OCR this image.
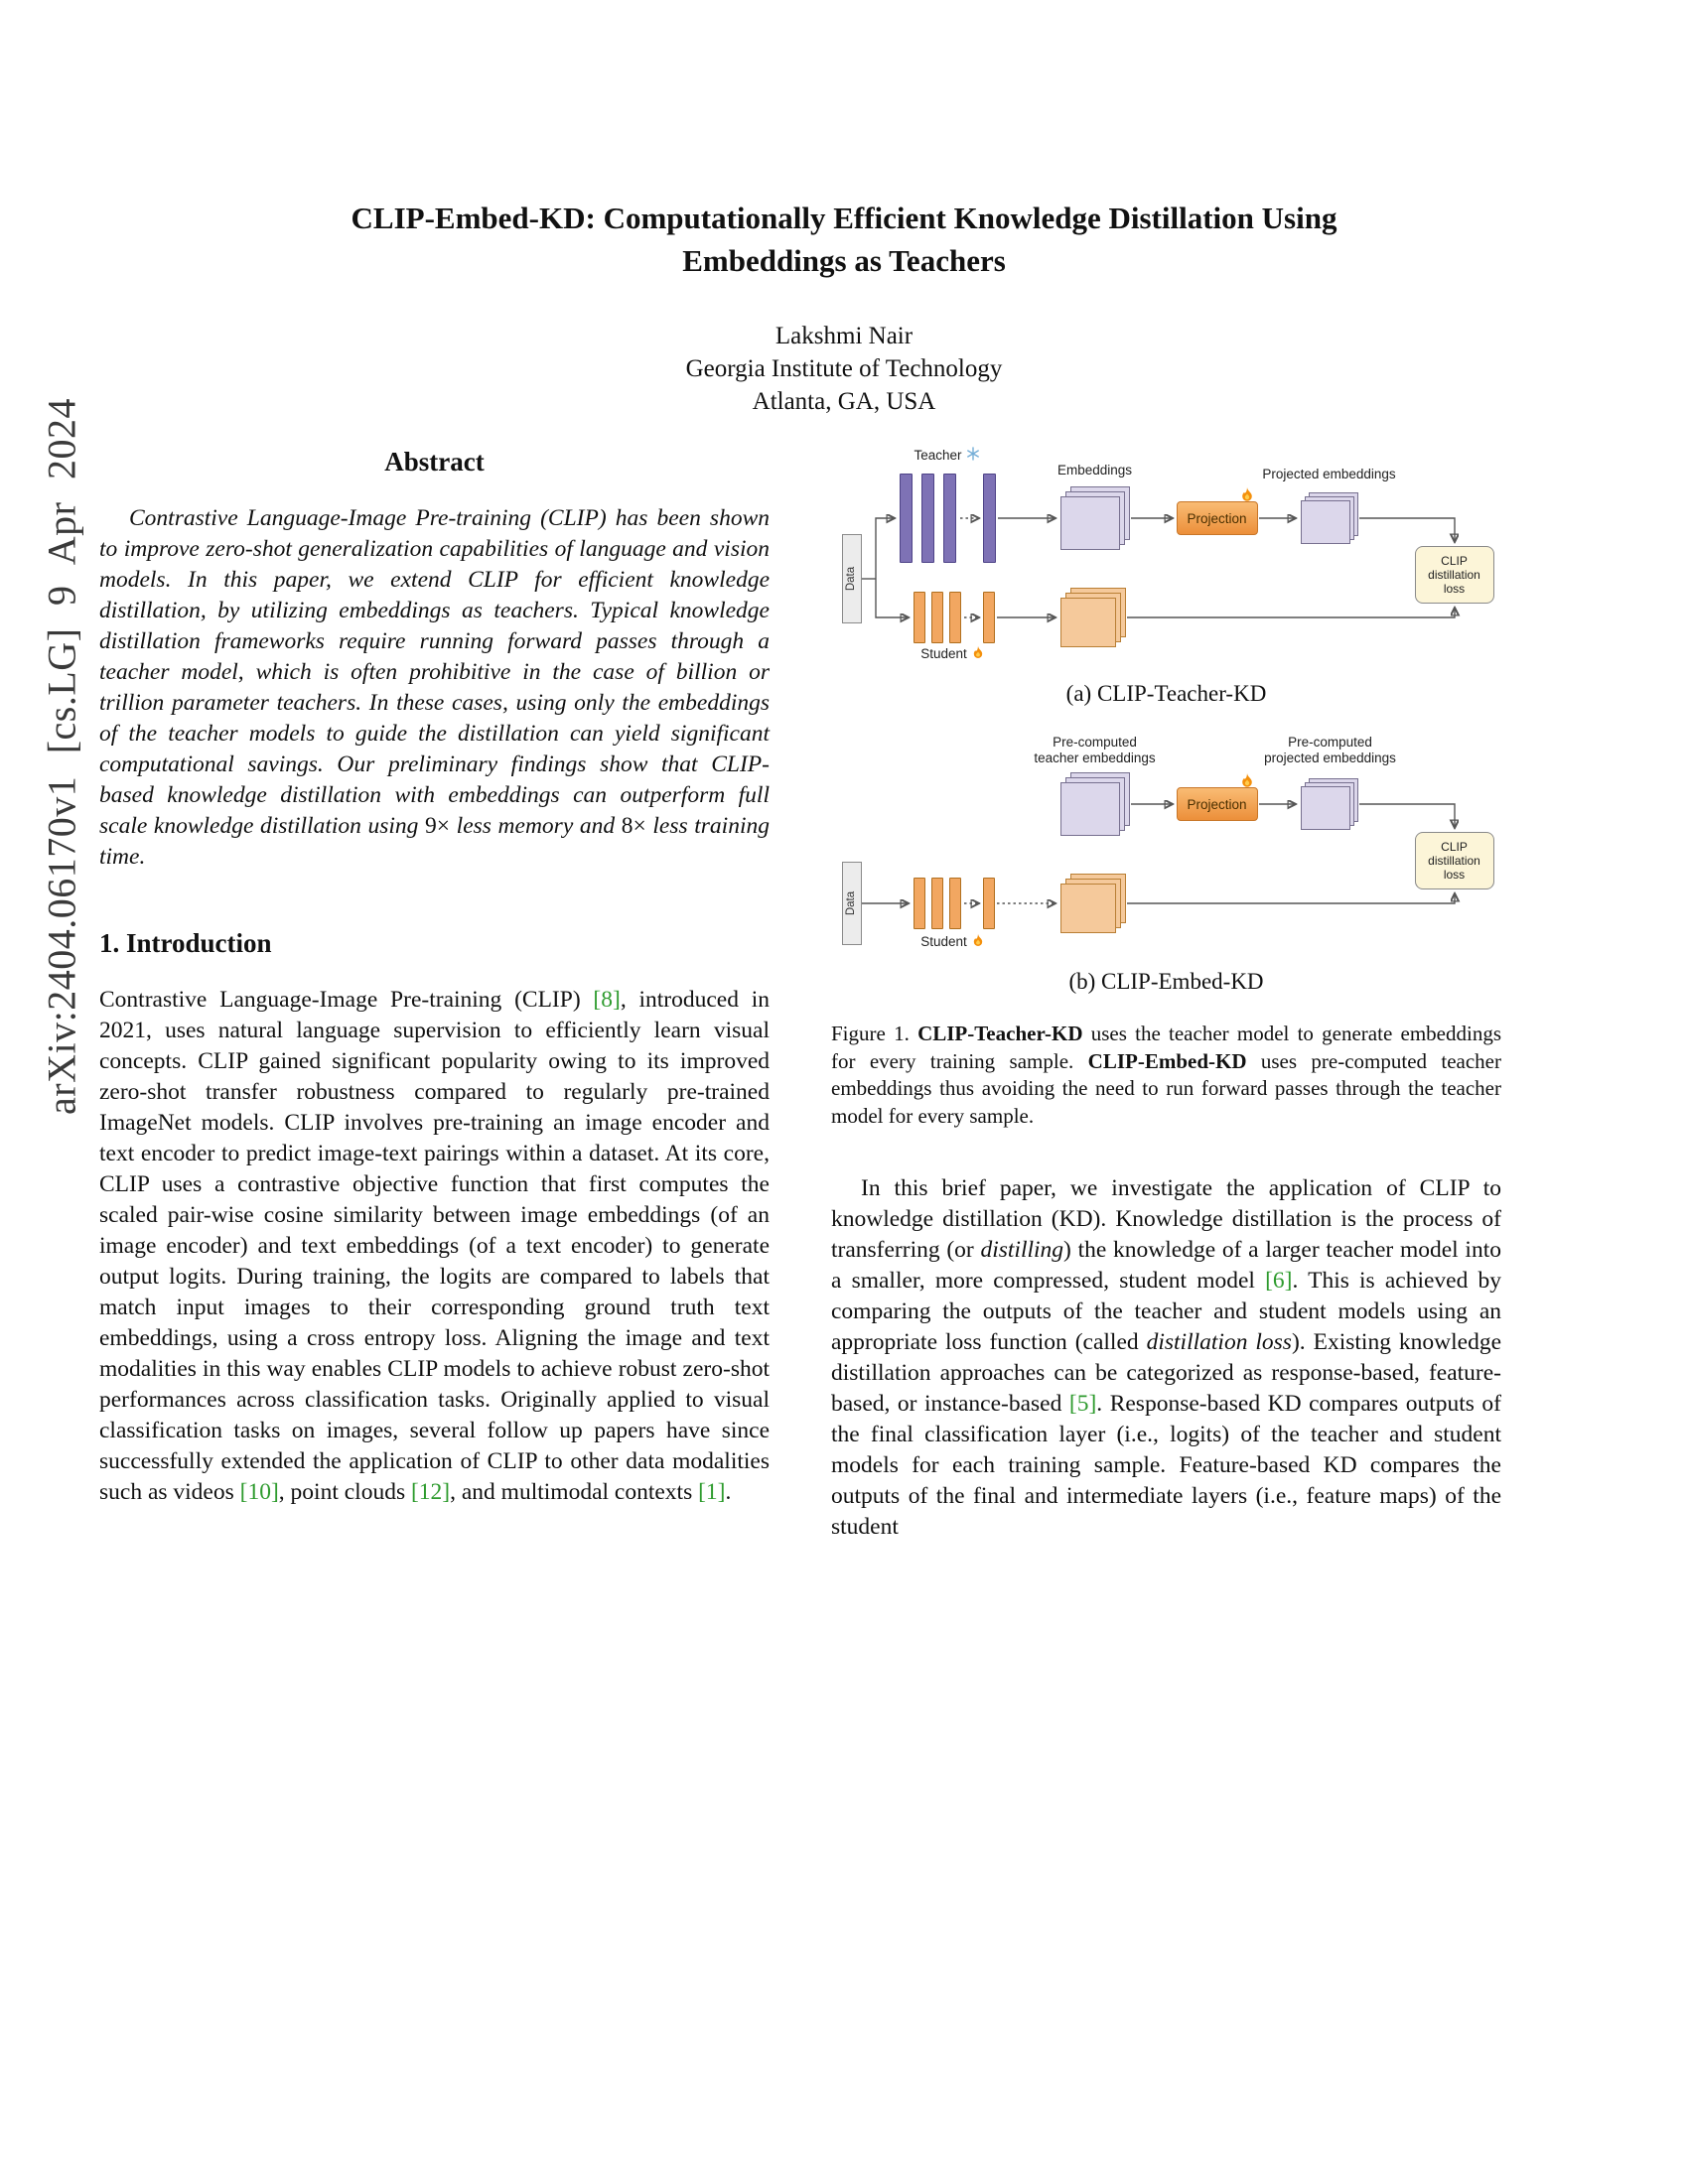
arXiv:2404.06170v1 [cs.LG] 9 Apr 2024
CLIP-Embed-KD: Computationally Efficient Knowledge Distillation Using
Embeddings as Teachers
Lakshmi Nair
Georgia Institute of Technology
Atlanta, GA, USA
Abstract

Contrastive Language-Image Pre-training (CLIP) has been shown to improve zero-shot generalization capabilities of language and vision models. In this paper, we extend CLIP for efficient knowledge distillation, by utilizing embeddings as teachers. Typical knowledge distillation frameworks require running forward passes through a teacher model, which is often prohibitive in the case of billion or trillion parameter teachers. In these cases, using only the embeddings of the teacher models to guide the distillation can yield significant computational savings. Our preliminary findings show that CLIP-based knowledge distillation with embeddings can outperform full scale knowledge distillation using 9× less memory and 8× less training time.

1. Introduction

Contrastive Language-Image Pre-training (CLIP) [8], introduced in 2021, uses natural language supervision to efficiently learn visual concepts. CLIP gained significant popularity owing to its improved zero-shot transfer robustness compared to regularly pre-trained ImageNet models. CLIP involves pre-training an image encoder and text encoder to predict image-text pairings within a dataset. At its core, CLIP uses a contrastive objective function that first computes the scaled pair-wise cosine similarity between image embeddings (of an image encoder) and text embeddings (of a text encoder) to generate output logits. During training, the logits are compared to labels that match input images to their corresponding ground truth text embeddings, using a cross entropy loss. Aligning the image and text modalities in this way enables CLIP models to achieve robust zero-shot performances across classification tasks. Originally applied to visual classification tasks on images, several follow up papers have since successfully extended the application of CLIP to other data modalities such as videos [10], point clouds [12], and multimodal contexts [1].

Teacher
Data
Embeddings
Projection
Projected embeddings
CLIP distillation loss
Student
(a) CLIP-Teacher-KD
Pre-computed
teacher embeddings
Projection
Pre-computed
projected embeddings
CLIP distillation loss
Data
Student
(b) CLIP-Embed-KD
Figure 1. CLIP-Teacher-KD uses the teacher model to generate embeddings for every training sample. CLIP-Embed-KD uses pre-computed teacher embeddings thus avoiding the need to run forward passes through the teacher model for every sample.

In this brief paper, we investigate the application of CLIP to knowledge distillation (KD). Knowledge distillation is the process of transferring (or distilling) the knowledge of a larger teacher model into a smaller, more compressed, student model [6]. This is achieved by comparing the outputs of the teacher and student models using an appropriate loss function (called distillation loss). Existing knowledge distillation approaches can be categorized as response-based, feature-based, or instance-based [5]. Response-based KD compares outputs of the final classification layer (i.e., logits) of the teacher and student models for each training sample. Feature-based KD compares the outputs of the final and intermediate layers (i.e., feature maps) of the student
